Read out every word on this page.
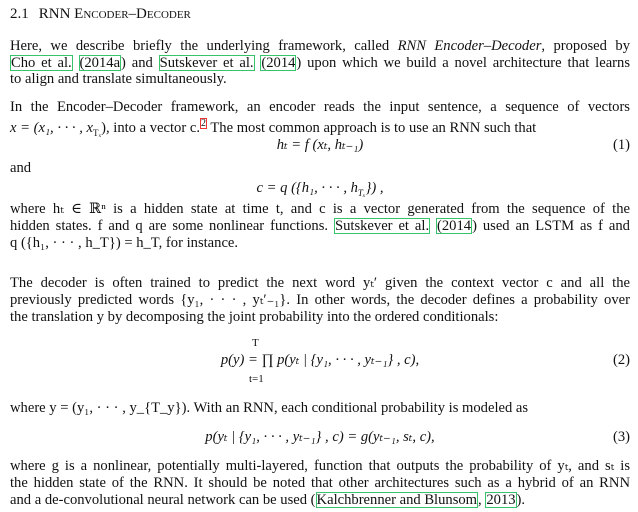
2.1 RNN Encoder–Decoder
Here, we describe briefly the underlying framework, called RNN Encoder–Decoder, proposed by
Cho et al. (2014a) and Sutskever et al. (2014) upon which we build a novel architecture that learns
to align and translate simultaneously.
In the Encoder–Decoder framework, an encoder reads the input sentence, a sequence of vectors
x = (x₁, · · · , $x_{T_x}$), into a vector c.$^2$ The most common approach is to use an RNN such that
hₜ = f (xₜ, hₜ₋₁)	(1)
and
c = q ({h₁, · · · , $h_{T_x}$}) ,
where hₜ ∈ ℝⁿ is a hidden state at time t, and c is a vector generated from the sequence of the
hidden states. f and q are some nonlinear functions. Sutskever et al. (2014) used an LSTM as f and
q ({h₁, · · · , h_T}) = h_T, for instance.
The decoder is often trained to predict the next word yₜ′ given the context vector c and all the
previously predicted words {y₁, · · · , yₜ′₋₁}. In other words, the decoder defines a probability over
the translation y by decomposing the joint probability into the ordered conditionals:
T
p(y) = ∏ p(yₜ | {y₁, · · · , yₜ₋₁} , c),	(2)
t=1
where y = (y₁, · · · , y_{T_y}). With an RNN, each conditional probability is modeled as
p(yₜ | {y₁, · · · , yₜ₋₁} , c) = g(yₜ₋₁, sₜ, c),	(3)
where g is a nonlinear, potentially multi-layered, function that outputs the probability of yₜ, and sₜ is
the hidden state of the RNN. It should be noted that other architectures such as a hybrid of an RNN
and a de-convolutional neural network can be used (Kalchbrenner and Blunsom, 2013).
